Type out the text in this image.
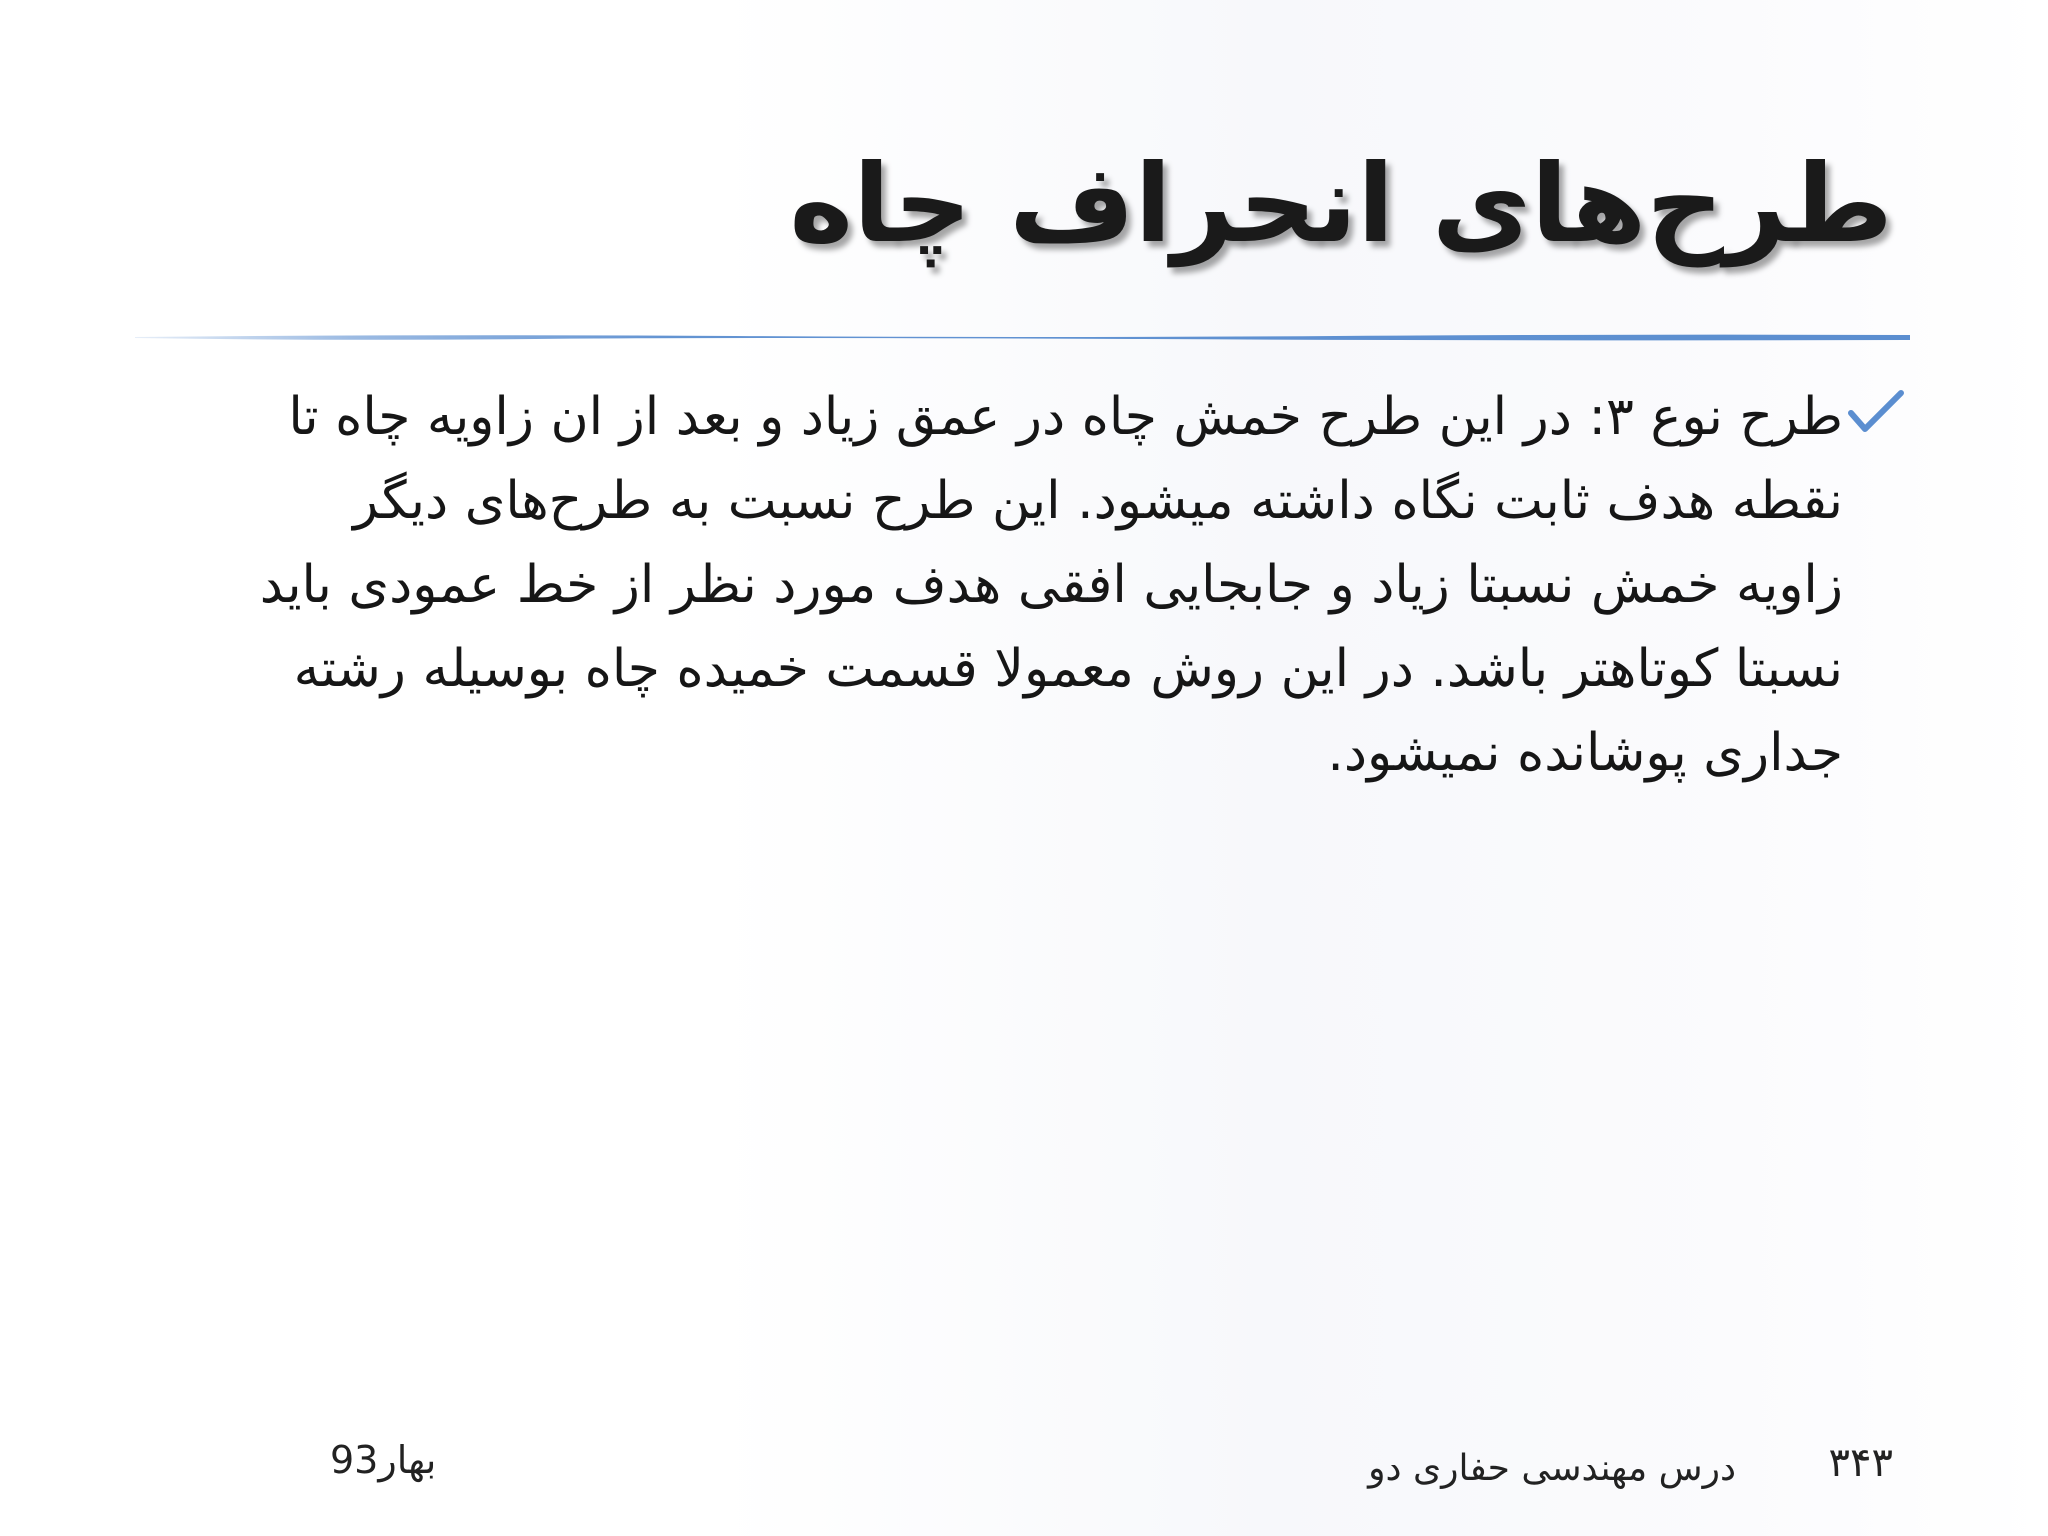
طرح‌های انحراف چاه

طرح نوع ۳: در این طرح خمش چاه در عمق زیاد و بعد از ان زاویه چاه تا نقطه هدف ثابت نگاه داشته میشود. این طرح نسبت به طرح‌های دیگر زاویه خمش نسبتا زیاد و جابجایی افقی هدف مورد نظر از خط عمودی باید نسبتا کوتاهتر باشد. در این روش معمولا قسمت خمیده چاه بوسیله رشته جداری پوشانده نمیشود.

بهار93	درس مهندسی حفاری دو ۳۴۳
